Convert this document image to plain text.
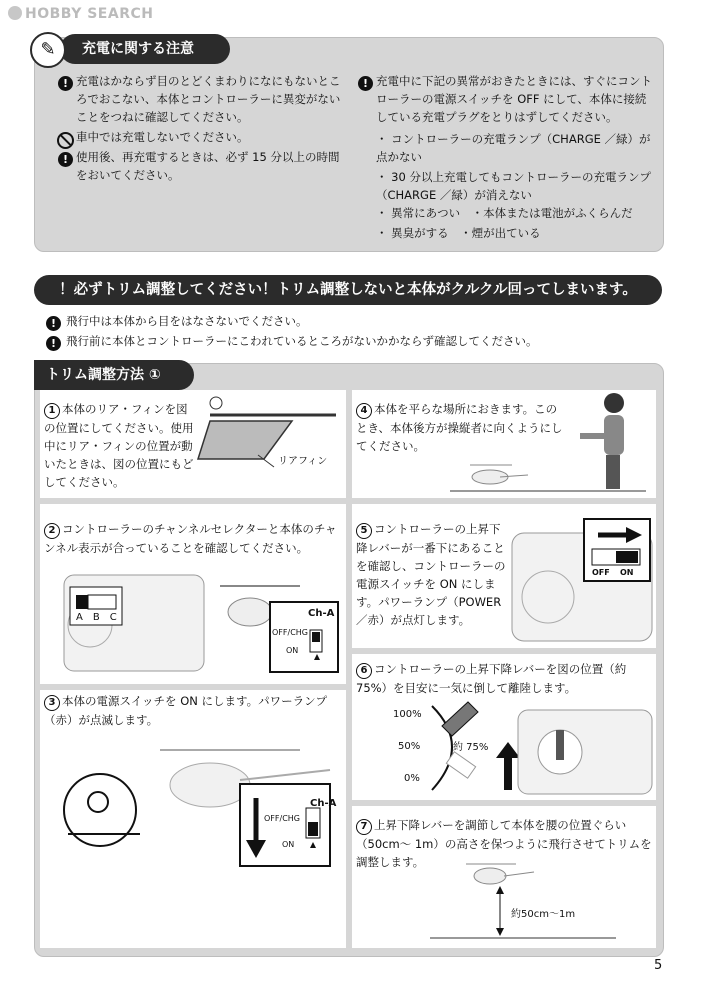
HOBBY SEARCH
充電に関する注意
✎
! 充電はかならず目のとどくまわりになにもないところでおこない、本体とコントローラーに異変がないことをつねに確認してください。
車中では充電しないでください。
! 使用後、再充電するときは、必ず 15 分以上の時間をおいてください。
! 充電中に下記の異常がおきたときには、すぐにコントローラーの電源スイッチを OFF にして、本体に接続している充電プラグをとりはずしてください。
・ コントローラーの充電ランプ（CHARGE ／緑）が点かない
・ 30 分以上充電してもコントローラーの充電ランプ（CHARGE ／緑）が消えない
・ 異常にあつい　・本体または電池がふくらんだ
・ 異臭がする　・煙が出ている
！必ずトリム調整してください！トリム調整しないと本体がクルクル回ってしまいます。
! 飛行中は本体から目をはなさないでください。
! 飛行前に本体とコントローラーにこわれているところがないかかならず確認してください。
トリム調整方法 ①
1 本体のリア・フィンを図の位置にしてください。使用中にリア・フィンの位置が動いたときは、図の位置にもどしてください。
リアフィン
2 コントローラーのチャンネルセレクターと本体のチャンネル表示が合っていることを確認してください。
A　B　C	Ch-A
OFF/CHG
ON
3 本体の電源スイッチを ON にします。パワーランプ（赤）が点滅します。
Ch-A
OFF/CHG
ON
4 本体を平らな場所におきます。このとき、本体後方が操縦者に向くようにしてください。
5 コントローラーの上昇下降レバーが一番下にあることを確認し、コントローラーの電源スイッチを ON にします。パワーランプ（POWER ／赤）が点灯します。
OFF ON
6 コントローラーの上昇下降レバーを図の位置（約 75%）を目安に一気に倒して離陸します。
100%
50%
0%
約 75%
7 上昇下降レバーを調節して本体を腰の位置ぐらい（50cm〜 1m）の高さを保つように飛行させてトリムを調整します。
約50cm〜1m
5
